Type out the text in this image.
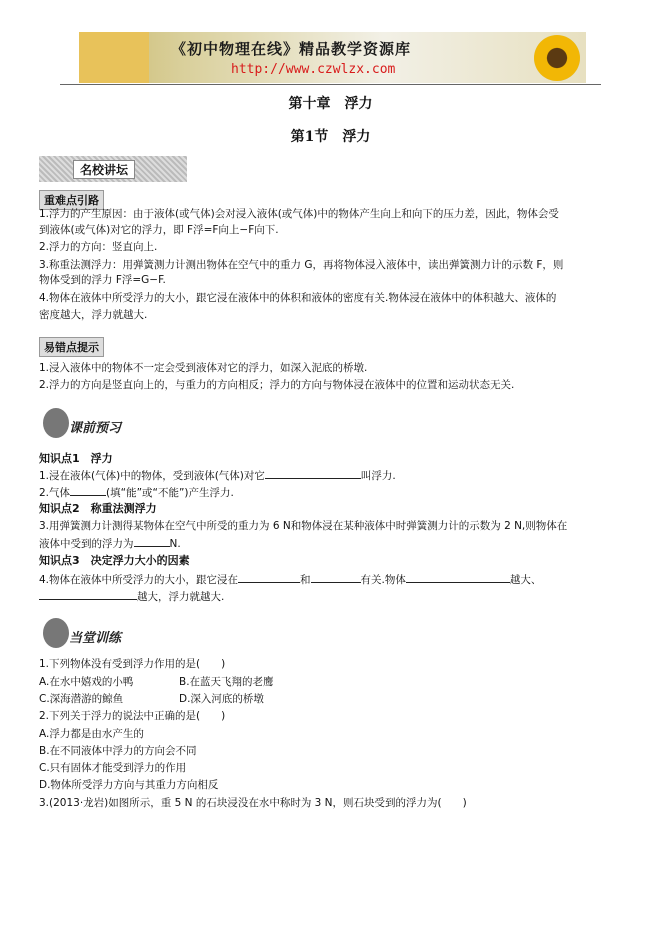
《初中物理在线》精品教学资源库
http://www.czwlzx.com
第十章　浮力
第1节　浮力
名校讲坛
重难点引路
1.浮力的产生原因：由于液体(或气体)会对浸入液体(或气体)中的物体产生向上和向下的压力差，因此，物体会受
到液体(或气体)对它的浮力，即 F浮=F向上−F向下.
2.浮力的方向：竖直向上.
3.称重法测浮力：用弹簧测力计测出物体在空气中的重力 G，再将物体浸入液体中，读出弹簧测力计的示数 F，则
物体受到的浮力 F浮=G−F.
4.物体在液体中所受浮力的大小，跟它浸在液体中的体积和液体的密度有关.物体浸在液体中的体积越大、液体的
密度越大，浮力就越大.
易错点提示
1.浸入液体中的物体不一定会受到液体对它的浮力，如深入泥底的桥墩.
2.浮力的方向是竖直向上的，与重力的方向相反；浮力的方向与物体浸在液体中的位置和运动状态无关.
课前预习
知识点1　浮力
1.浸在液体(气体)中的物体，受到液体(气体)对它	叫浮力.
2.气体	(填“能”或“不能”)产生浮力.
知识点2　称重法测浮力
3.用弹簧测力计测得某物体在空气中所受的重力为 6 N和物体浸在某种液体中时弹簧测力计的示数为 2 N,则物体在
液体中受到的浮力为	N.
知识点3　决定浮力大小的因素
4.物体在液体中所受浮力的大小，跟它浸在	和	有关.物体	越大、
越大，浮力就越大.
当堂训练
1.下列物体没有受到浮力作用的是(　　)
A.在水中嬉戏的小鸭	B.在蓝天飞翔的老鹰
C.深海潜游的鲸鱼	D.深入河底的桥墩
2.下列关于浮力的说法中正确的是(　　)
A.浮力都是由水产生的
B.在不同液体中浮力的方向会不同
C.只有固体才能受到浮力的作用
D.物体所受浮力方向与其重力方向相反
3.(2013·龙岩)如图所示，重 5 N 的石块浸没在水中称时为 3 N，则石块受到的浮力为(　　)
